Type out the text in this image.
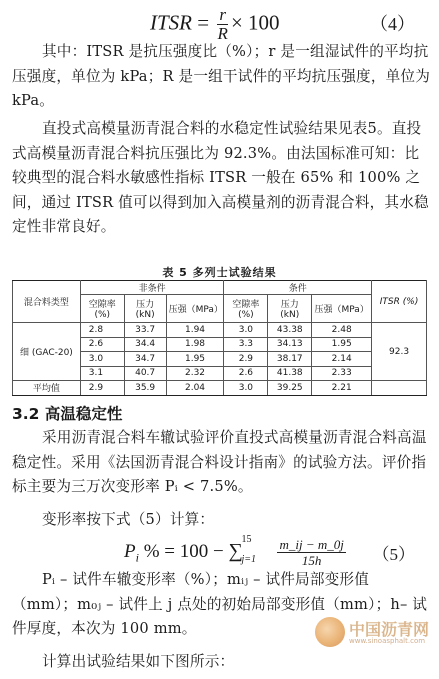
ITSR = $\frac{r}{R} \times 100$	（4）
其中：ITSR 是抗压强度比（%）；r 是一组湿试件的平均抗压强度，单位为 kPa；R 是一组干试件的平均抗压强度，单位为 kPa。
直投式高模量沥青混合料的水稳定性试验结果见表5。直投式高模量沥青混合料抗压强比为 92.3%。由法国标准可知：比较典型的混合料水敏感性指标 ITSR 一般在 65% 和 100% 之间，通过 ITSR 值可以得到加入高模量剂的沥青混合料，其水稳定性非常良好。
表 5 多列士试验结果
混合料类型	非条件			条件			ITSR (%)
	空隙率 (%)	压力 (kN)	压强（MPa）	空隙率 (%)	压力 (kN)	压强（MPa）	
细 (GAC-20)	2.8	33.7	1.94	3.0	43.38	2.48	92.3
	2.6	34.4	1.98	3.3	34.13	1.95	
	3.0	34.7	1.95	2.9	38.17	2.14	
	3.1	40.7	2.32	2.6	41.38	2.33	
平均值	2.9	35.9	2.04	3.0	39.25	2.21	
3.2 高温稳定性
采用沥青混合料车辙试验评价直投式高模量沥青混合料高温稳定性。采用《法国沥青混合料设计指南》的试验方法。评价指标主要为三万次变形率 Pᵢ < 7.5%。
变形率按下式（5）计算：
$P_i$ % = 100 − ∑
15
j=1
$\frac{m\_ij - m\_0j}{15h} (5)$
Pᵢ – 试件车辙变形率（%）；mᵢⱼ – 试件局部变形值（mm）；m₀ⱼ – 试件上 j 点处的初始局部变形值（mm）；h– 试件厚度，本次为 100 mm。
计算出试验结果如下图所示：
中国沥青网
www.sinoasphalt.com
